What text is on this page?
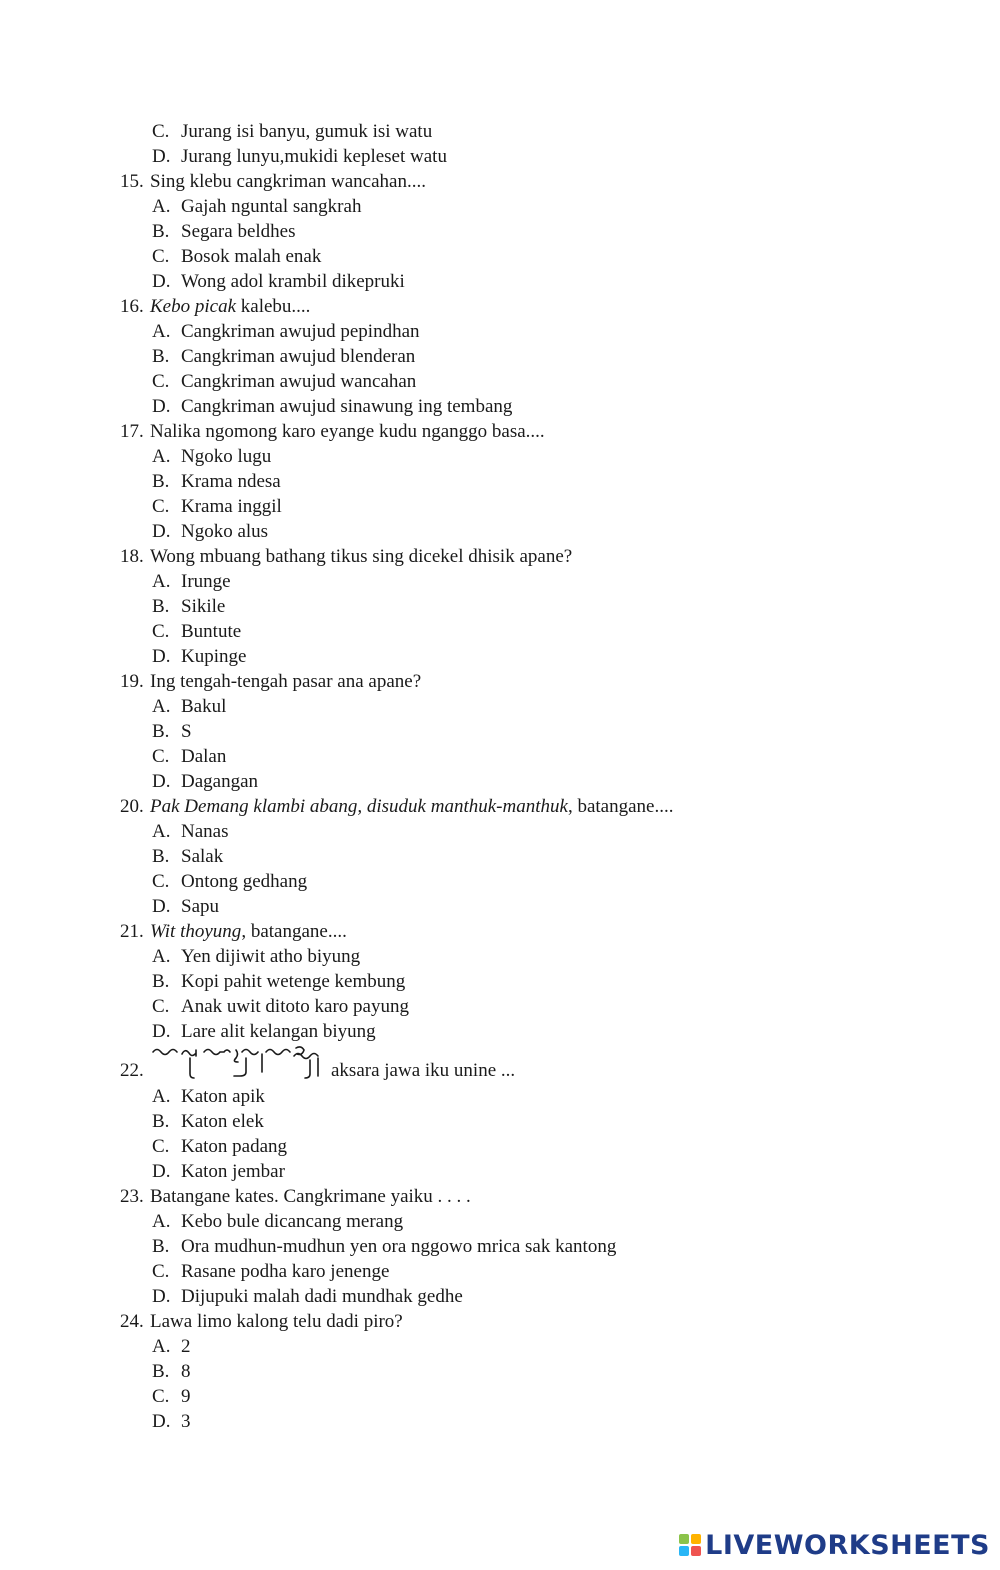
C. Jurang isi banyu, gumuk isi watu
D. Jurang lunyu,mukidi kepleset watu
15. Sing klebu cangkriman wancahan....
A. Gajah nguntal sangkrah
B. Segara beldhes
C. Bosok malah enak
D. Wong adol krambil dikepruki
16. Kebo picak kalebu....
A. Cangkriman awujud pepindhan
B. Cangkriman awujud blenderan
C. Cangkriman awujud wancahan
D. Cangkriman awujud sinawung ing tembang
17. Nalika ngomong karo eyange kudu nganggo basa....
A. Ngoko lugu
B. Krama ndesa
C. Krama inggil
D. Ngoko alus
18. Wong mbuang bathang tikus sing dicekel dhisik apane?
A. Irunge
B. Sikile
C. Buntute
D. Kupinge
19. Ing tengah-tengah pasar ana apane?
A. Bakul
B. S
C. Dalan
D. Dagangan
20. Pak Demang klambi abang, disuduk manthuk-manthuk, batangane....
A. Nanas
B. Salak
C. Ontong gedhang
D. Sapu
21. Wit thoyung, batangane....
A. Yen dijiwit atho biyung
B. Kopi pahit wetenge kembung
C. Anak uwit ditoto karo payung
D. Lare alit kelangan biyung
22.	aksara jawa iku unine ...
A. Katon apik
B. Katon elek
C. Katon padang
D. Katon jembar
23. Batangane kates. Cangkrimane yaiku . . . .
A. Kebo bule dicancang merang
B. Ora mudhun-mudhun yen ora nggowo mrica sak kantong
C. Rasane podha karo jenenge
D. Dijupuki malah dadi mundhak gedhe
24. Lawa limo kalong telu dadi piro?
A. 2
B. 8
C. 9
D. 3
LIVEWORKSHEETS
